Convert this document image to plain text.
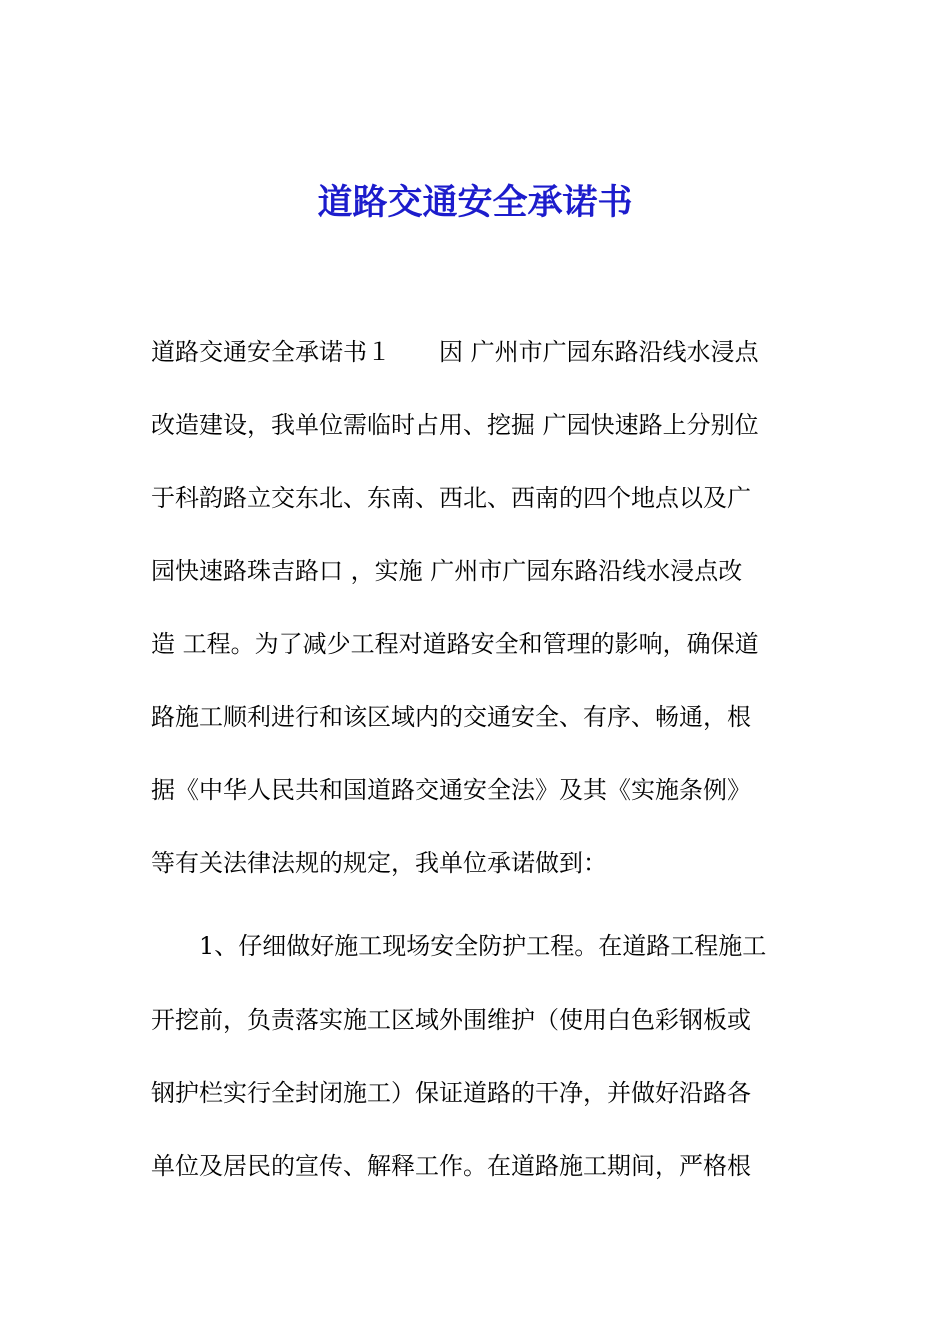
道路交通安全承诺书

道路交通安全承诺书１　　因 广州市广园东路沿线水浸点

改造建设，我单位需临时占用、挖掘 广园快速路上分别位

于科韵路立交东北、东南、西北、西南的四个地点以及广

园快速路珠吉路口 ，实施 广州市广园东路沿线水浸点改

造 工程。为了减少工程对道路安全和管理的影响，确保道

路施工顺利进行和该区域内的交通安全、有序、畅通，根

据《中华人民共和国道路交通安全法》及其《实施条例》

等有关法律法规的规定，我单位承诺做到：

　　1、仔细做好施工现场安全防护工程。在道路工程施工

开挖前，负责落实施工区域外围维护（使用白色彩钢板或

钢护栏实行全封闭施工）保证道路的干净，并做好沿路各

单位及居民的宣传、解释工作。在道路施工期间，严格根
